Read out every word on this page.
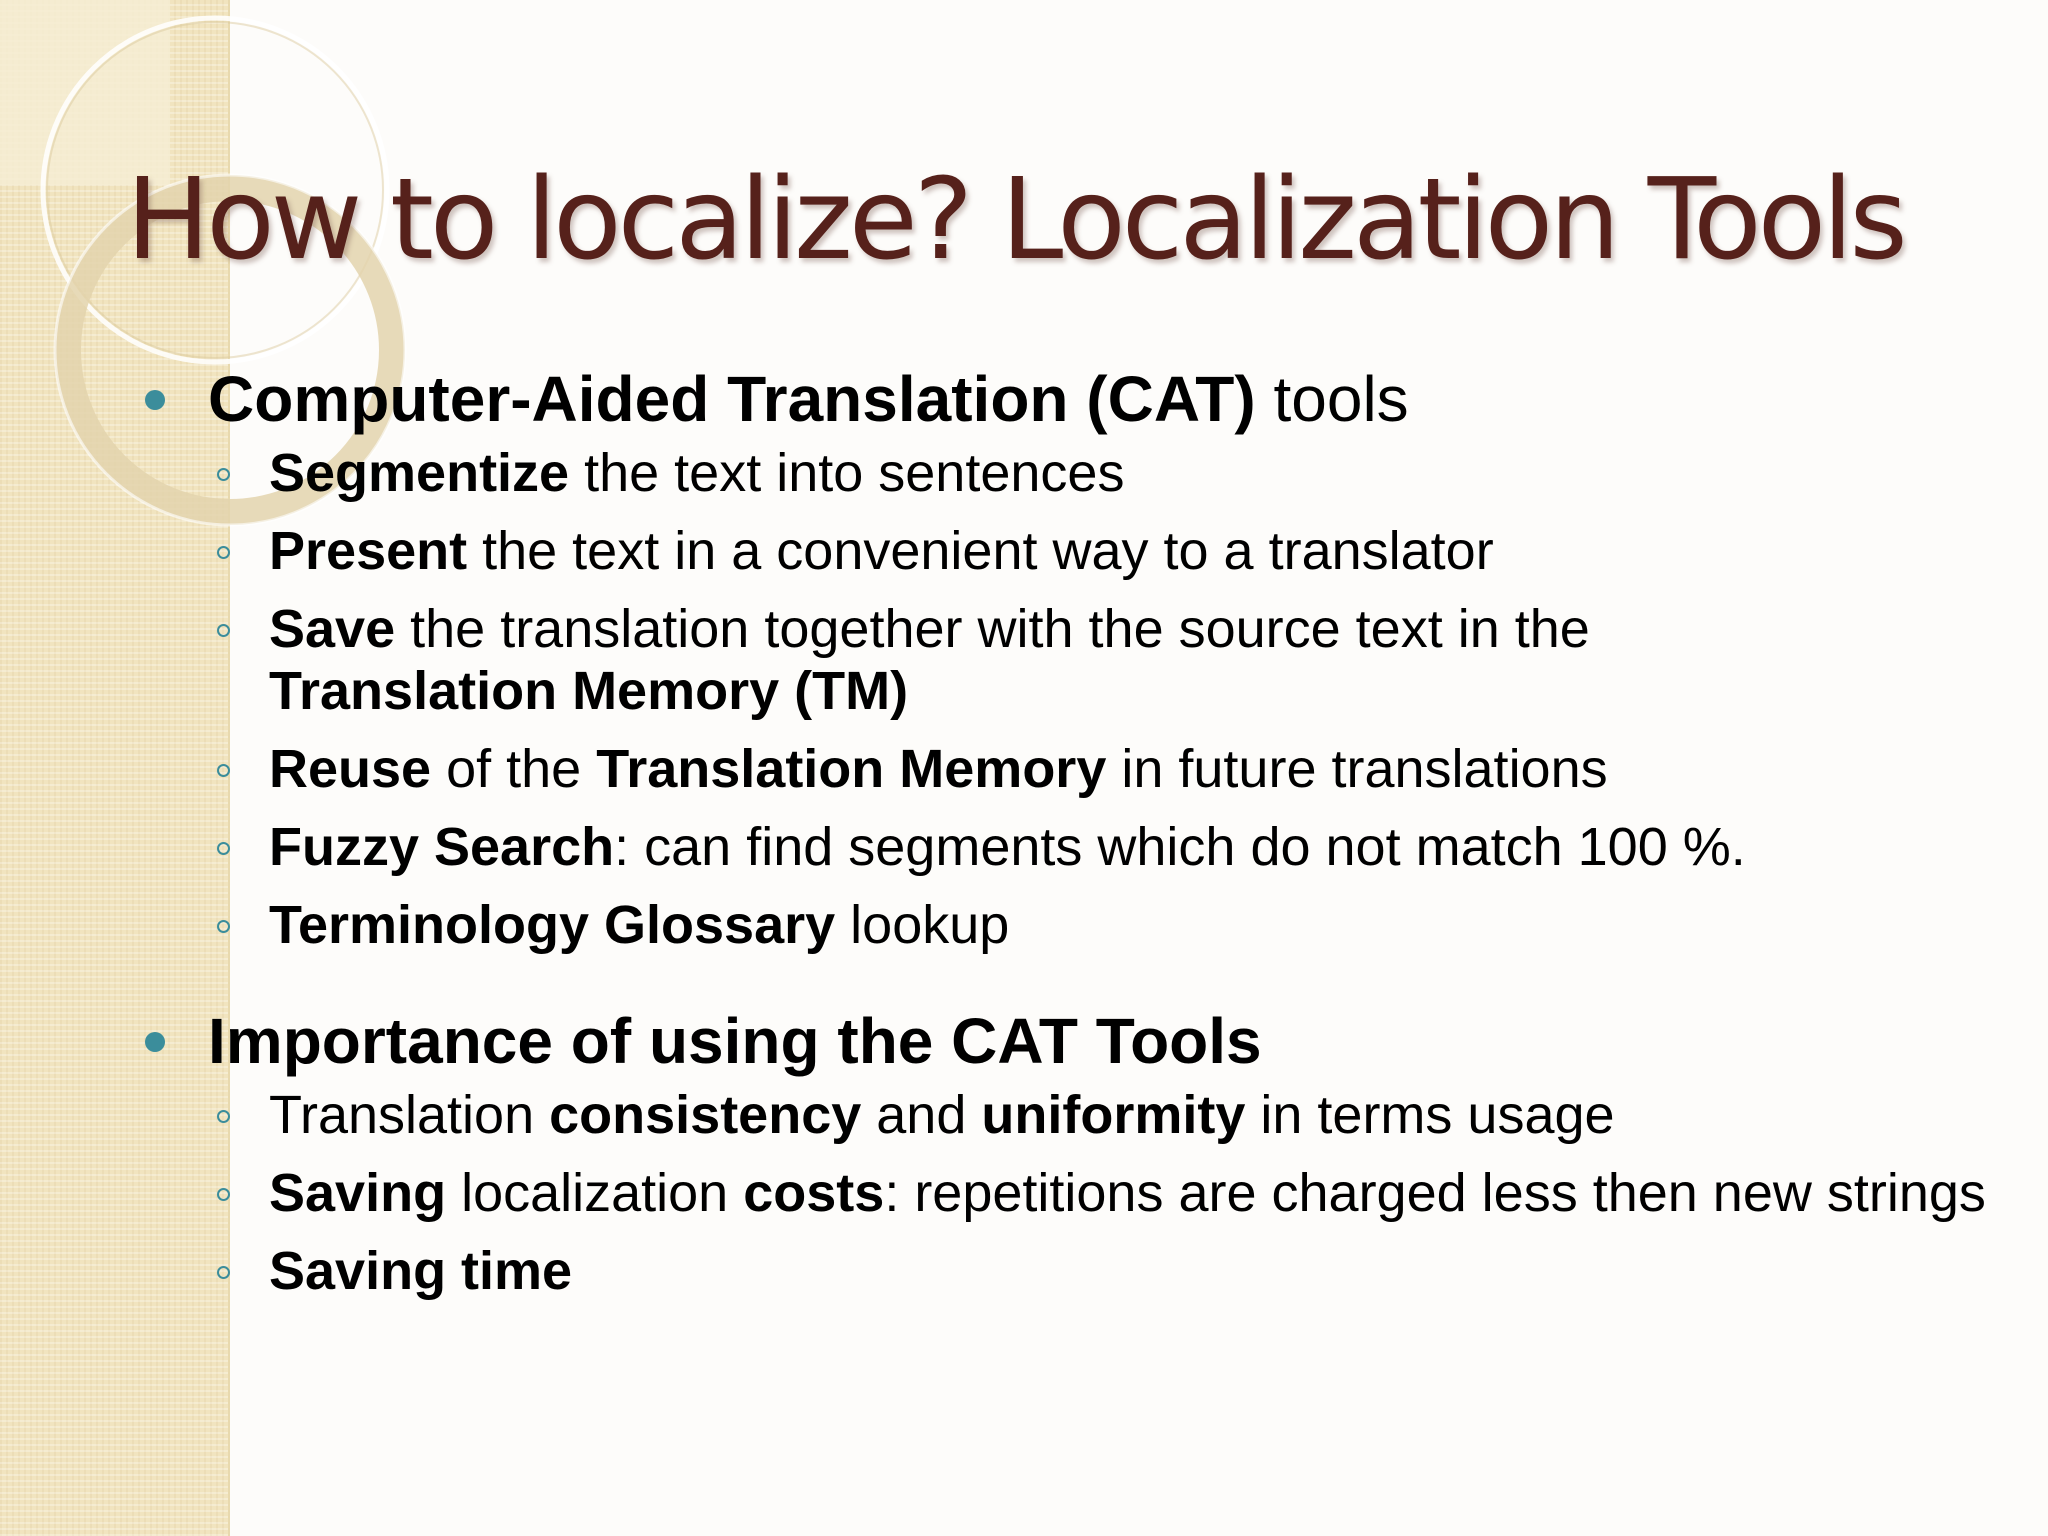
How to localize? Localization Tools
Computer-Aided Translation (CAT) tools
Segmentize the text into sentences
Present the text in a convenient way to a translator
Save the translation together with the source text in the
Translation Memory (TM)
Reuse of the Translation Memory in future translations
Fuzzy Search: can find segments which do not match 100 %.
Terminology Glossary lookup
Importance of using the CAT Tools
Translation consistency and uniformity in terms usage
Saving localization costs: repetitions are charged less then new strings
Saving time
